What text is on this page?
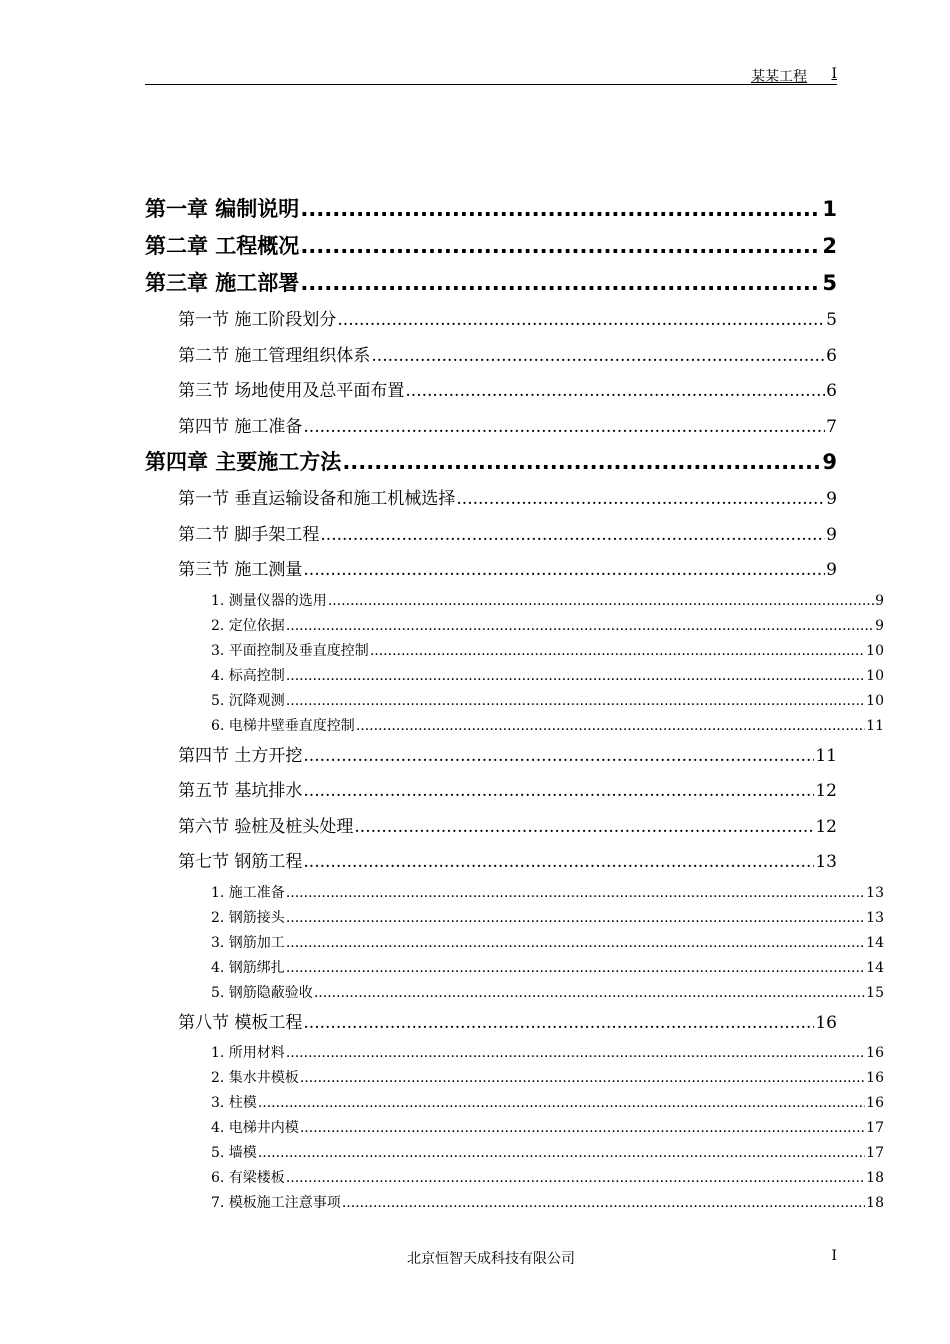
某某工程 I
第一章 编制说明 .....	1
第二章 工程概况 .....	2
第三章 施工部署 .....	5
第一节 施工阶段划分 .....	5
第二节 施工管理组织体系 .....	6
第三节 场地使用及总平面布置 .....	6
第四节 施工准备 .....	7
第四章 主要施工方法 .....	9
第一节 垂直运输设备和施工机械选择 .....	9
第二节 脚手架工程 .....	9
第三节 施工测量 .....	9
1. 测量仪器的选用 .....	9
2. 定位依据 .....	9
3. 平面控制及垂直度控制 .....	10
4. 标高控制 .....	10
5. 沉降观测 .....	10
6. 电梯井壁垂直度控制 .....	11
第四节 土方开挖 .....	11
第五节 基坑排水 .....	12
第六节 验桩及桩头处理 .....	12
第七节 钢筋工程 .....	13
1. 施工准备 .....	13
2. 钢筋接头 .....	13
3. 钢筋加工 .....	14
4. 钢筋绑扎 .....	14
5. 钢筋隐蔽验收 .....	15
第八节 模板工程 .....	16
1. 所用材料 .....	16
2. 集水井模板 .....	16
3. 柱模 .....	16
4. 电梯井内模 .....	17
5. 墙模 .....	17
6. 有梁楼板 .....	18
7. 模板施工注意事项 .....	18
北京恒智天成科技有限公司	I
